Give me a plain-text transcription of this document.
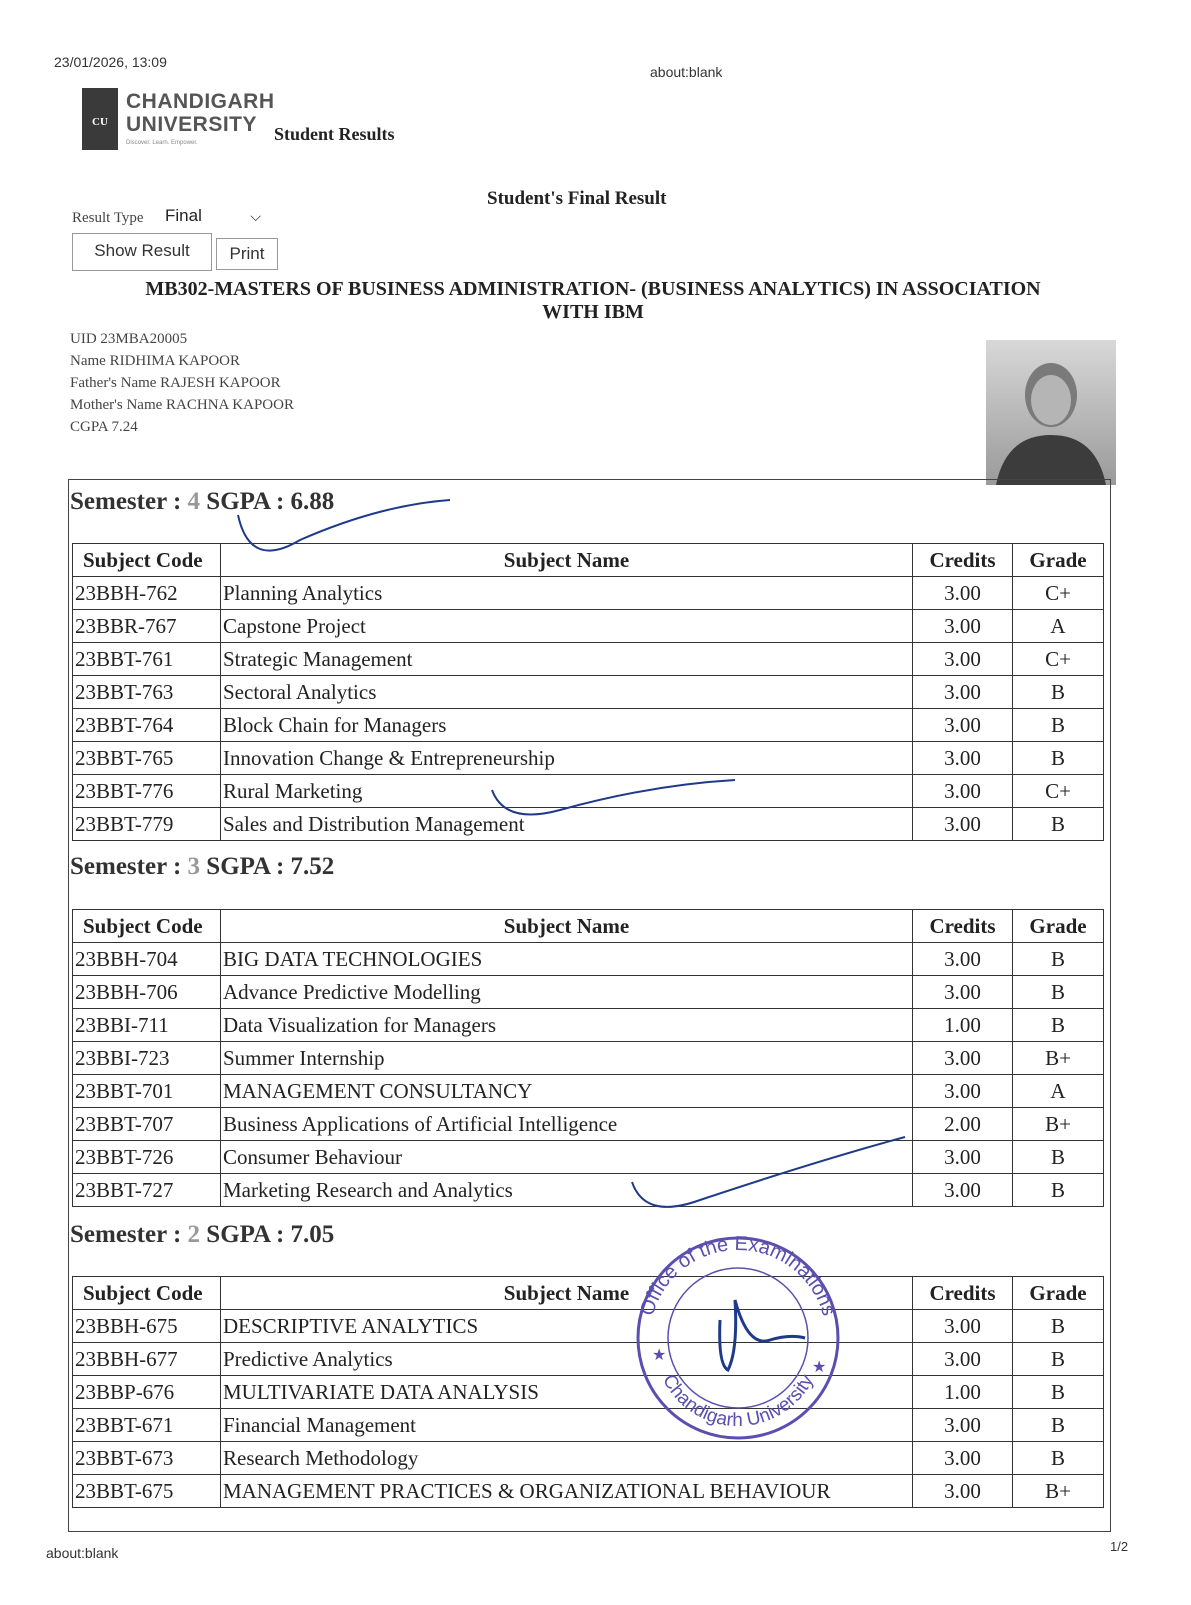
23/01/2026, 13:09
about:blank
CU
CHANDIGARH
UNIVERSITY
Discover. Learn. Empower.	Student Results
Student's Final Result
Result Type Final	⌵
Show Result	Print
MB302-MASTERS OF BUSINESS ADMINISTRATION- (BUSINESS ANALYTICS) IN ASSOCIATION
WITH IBM
UID 23MBA20005
Name RIDHIMA KAPOOR
Father's Name RAJESH KAPOOR
Mother's Name RACHNA KAPOOR
CGPA 7.24
Semester : 4 SGPA : 6.88
Subject Code	Subject Name	Credits	Grade
23BBH-762	Planning Analytics	3.00	C+
23BBR-767	Capstone Project	3.00	A
23BBT-761	Strategic Management	3.00	C+
23BBT-763	Sectoral Analytics	3.00	B
23BBT-764	Block Chain for Managers	3.00	B
23BBT-765	Innovation Change & Entrepreneurship	3.00	B
23BBT-776	Rural Marketing	3.00	C+
23BBT-779	Sales and Distribution Management	3.00	B
Semester : 3 SGPA : 7.52
Subject Code	Subject Name	Credits	Grade
23BBH-704	BIG DATA TECHNOLOGIES	3.00	B
23BBH-706	Advance Predictive Modelling	3.00	B
23BBI-711	Data Visualization for Managers	1.00	B
23BBI-723	Summer Internship	3.00	B+
23BBT-701	MANAGEMENT CONSULTANCY	3.00	A
23BBT-707	Business Applications of Artificial Intelligence	2.00	B+
23BBT-726	Consumer Behaviour	3.00	B
23BBT-727	Marketing Research and Analytics	3.00	B
Semester : 2 SGPA : 7.05
Subject Code	Subject Name	Credits	Grade
23BBH-675	DESCRIPTIVE ANALYTICS	3.00	B
23BBH-677	Predictive Analytics	3.00	B
23BBP-676	MULTIVARIATE DATA ANALYSIS	1.00	B
23BBT-671	Financial Management	3.00	B
23BBT-673	Research Methodology	3.00	B
23BBT-675	MANAGEMENT PRACTICES & ORGANIZATIONAL BEHAVIOUR	3.00	B+
Office of the Examinations
Chandigarh University
★
★
about:blank	1/2
